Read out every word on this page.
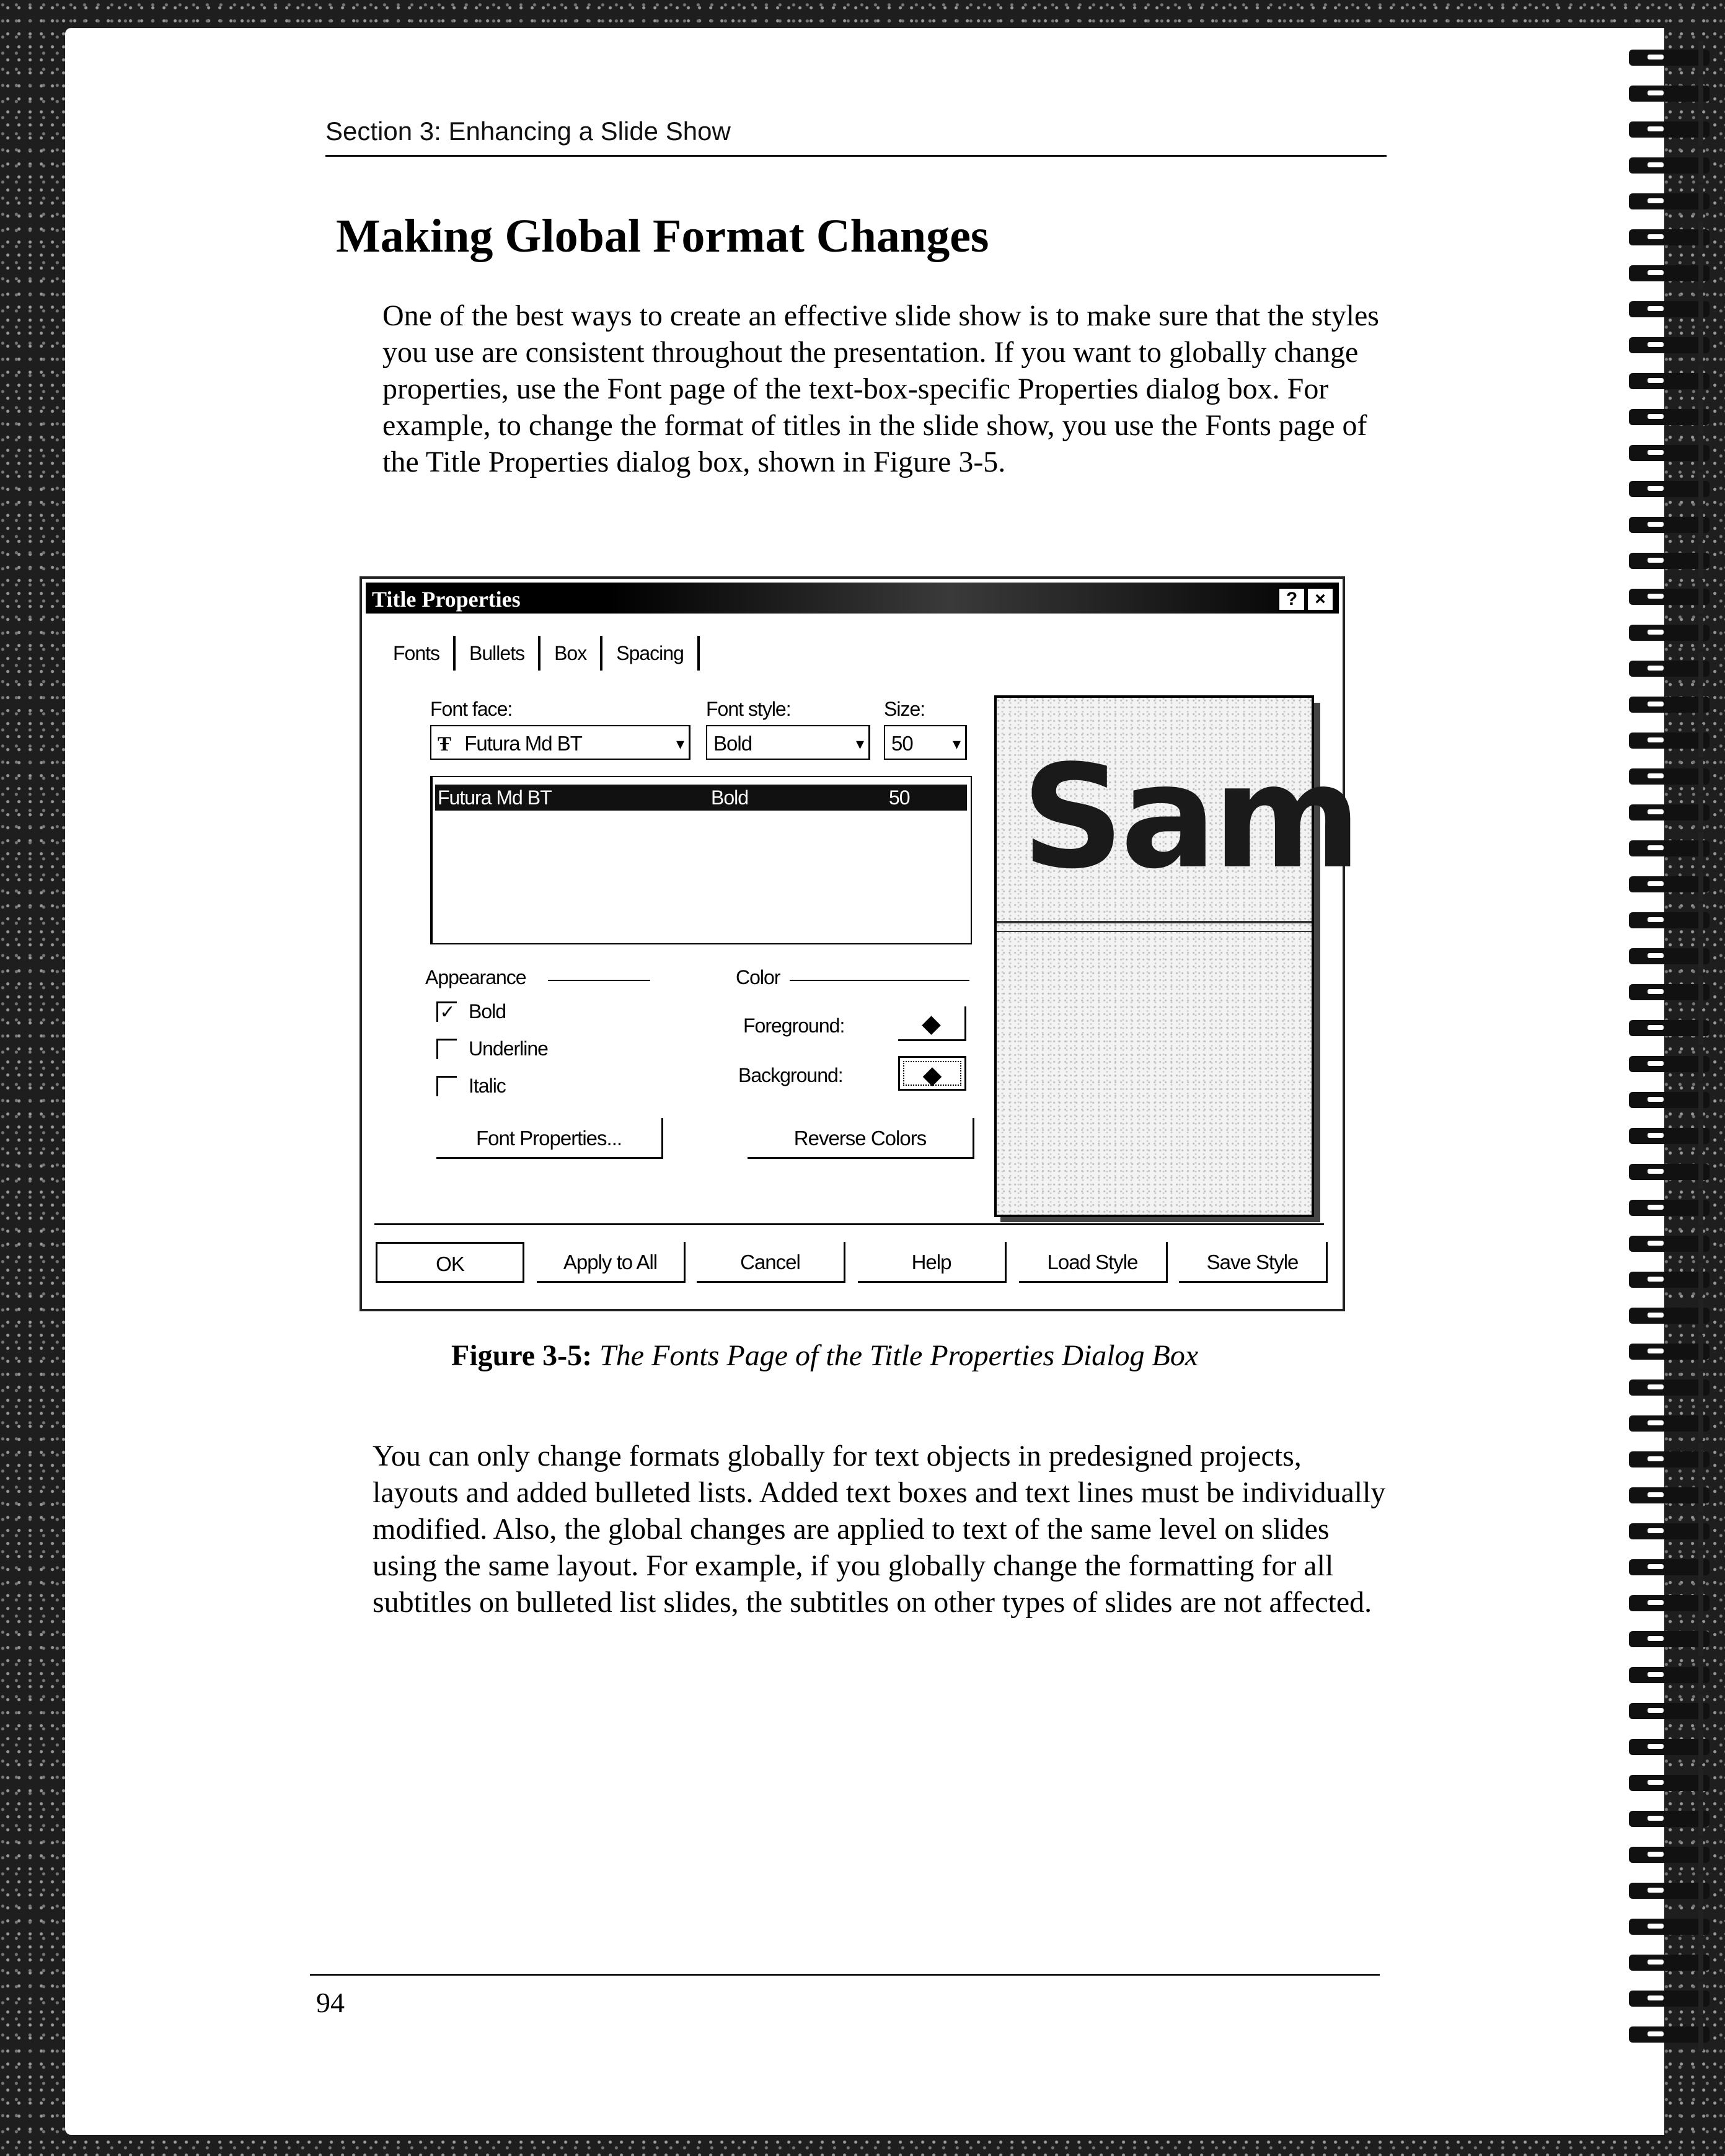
Section 3: Enhancing a Slide Show
Making Global Format Changes

One of the best ways to create an effective slide show is to make sure that the styles you use are consistent throughout the presentation. If you want to globally change properties, use the Font page of the text-box-specific Properties dialog box. For example, to change the format of titles in the slide show, you use the Fonts page of the Title Properties dialog box, shown in Figure 3-5.

Title Properties	? ×
Fonts	Bullets	Box	Spacing
Font face:	Font style:	Size:
Ŧ Futura Md BT	▾	Bold	▾	50 ▾
Futura Md BT	Bold	50
Appearance
✓ Bold
Underline
Italic
Color
Foreground:	◆
Background:	◆
Font Properties...	Reverse Colors
Sam
OK	Apply to All	Cancel	Help	Load Style	Save Style
Figure 3-5: The Fonts Page of the Title Properties Dialog Box

You can only change formats globally for text objects in predesigned projects, layouts and added bulleted lists. Added text boxes and text lines must be individually modified. Also, the global changes are applied to text of the same level on slides using the same layout. For example, if you globally change the formatting for all subtitles on bulleted list slides, the subtitles on other types of slides are not affected.

94
